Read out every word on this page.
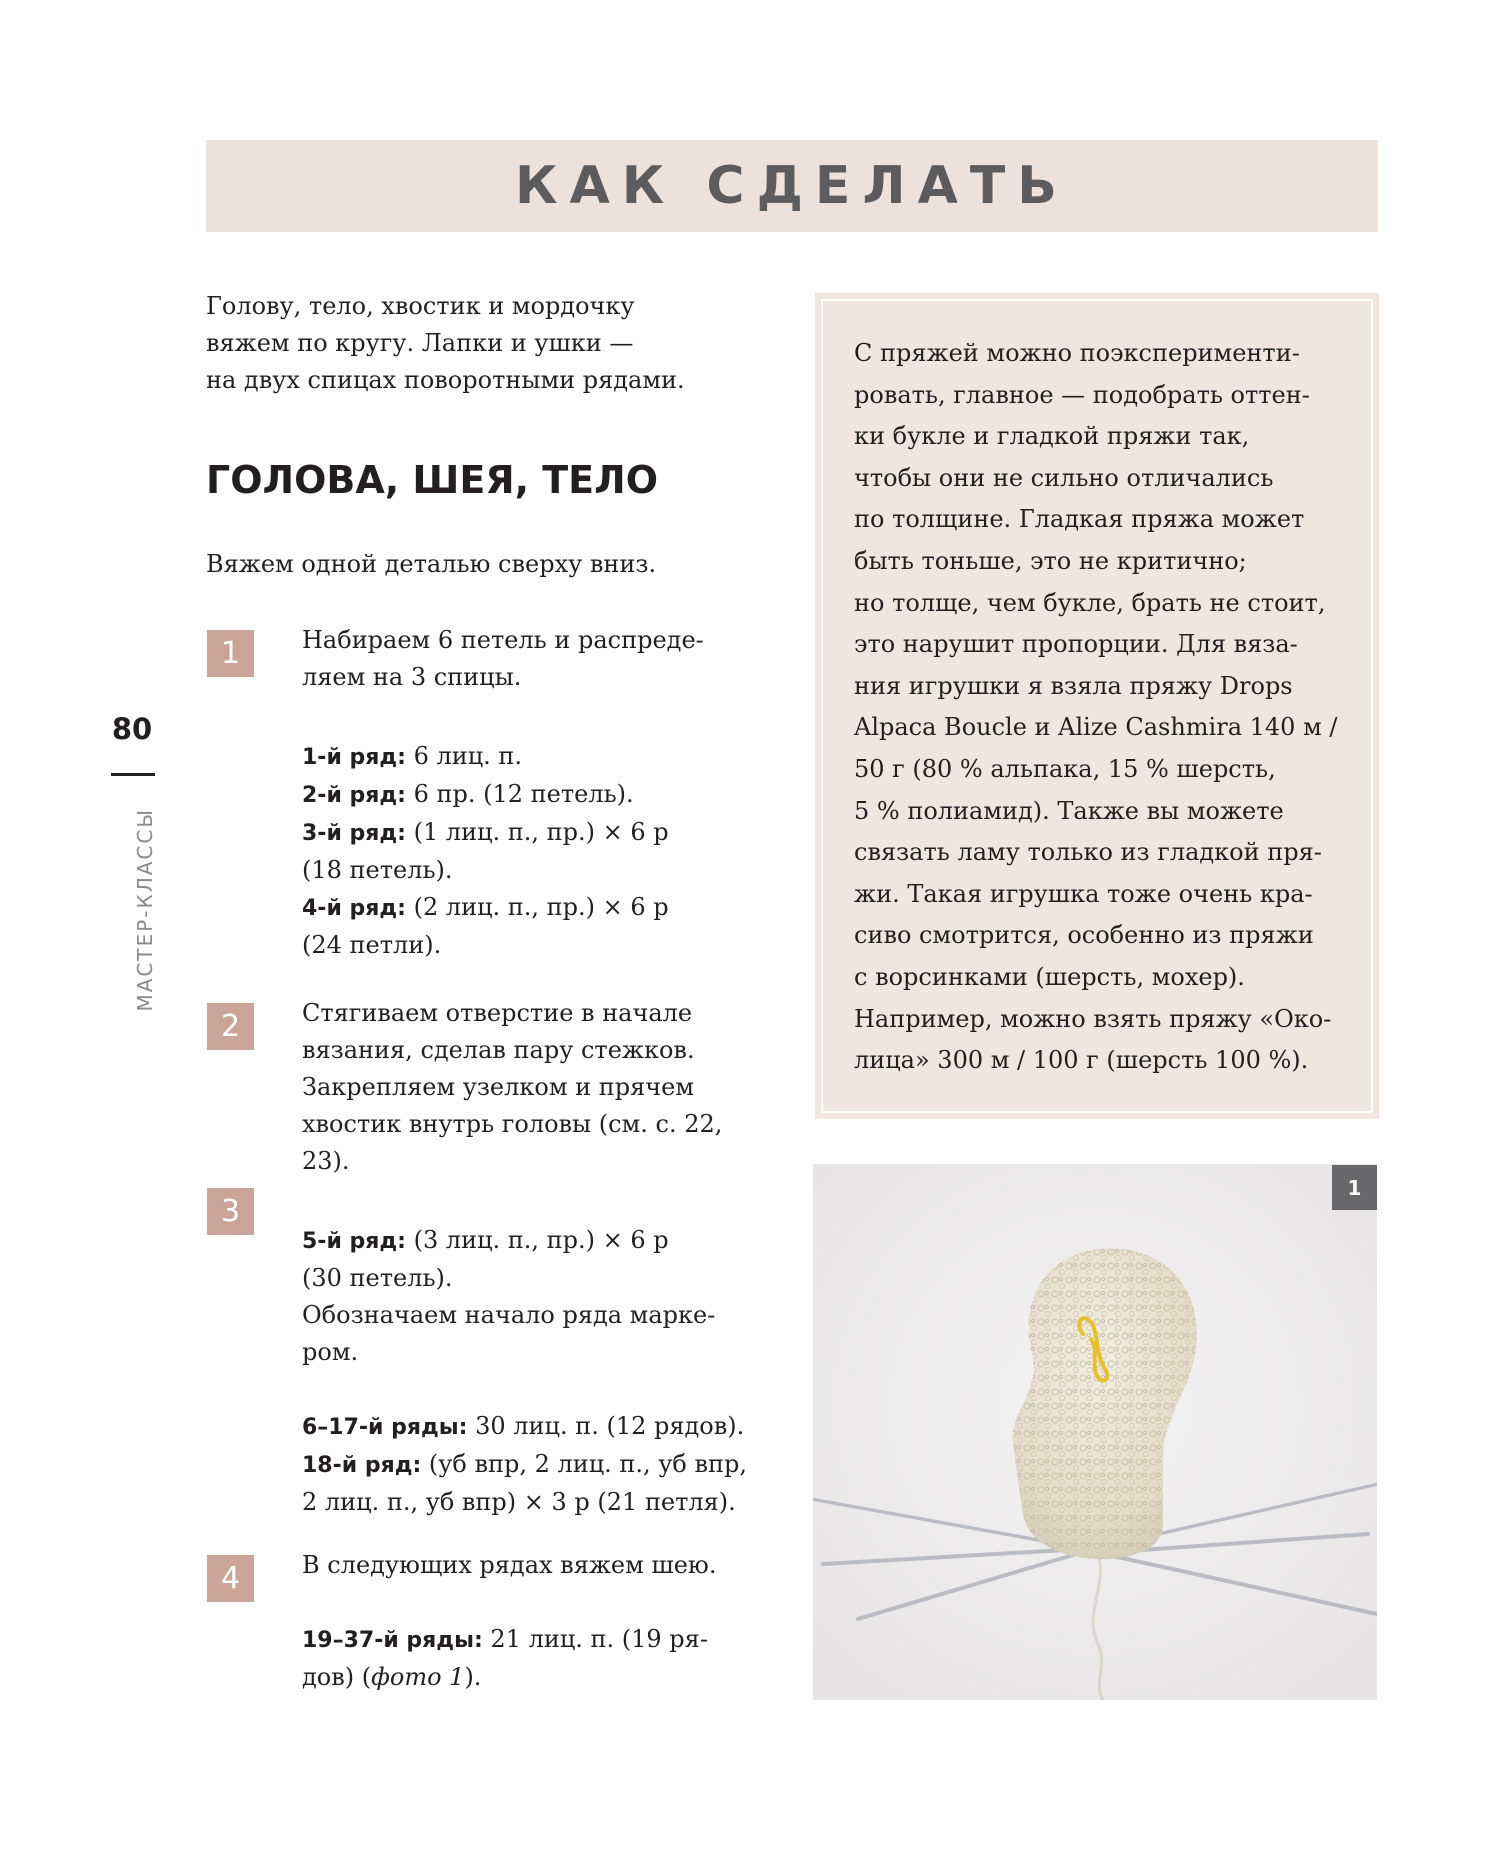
КАК СДЕЛАТЬ
80
МАСТЕР-КЛАССЫ
Голову, тело, хвостик и мордочку
вяжем по кругу. Лапки и ушки —
на двух спицах поворотными рядами.
ГОЛОВА, ШЕЯ, ТЕЛО
Вяжем одной деталью сверху вниз.
1	Набираем 6 петель и распреде-

ляем на 3 спицы.

1-й ряд: 6 лиц. п.

2-й ряд: 6 пр. (12 петель).

3-й ряд: (1 лиц. п., пр.) × 6 р

(18 петель).

4-й ряд: (2 лиц. п., пр.) × 6 р

(24 петли).

2	Стягиваем отверстие в начале

вязания, сделав пару стежков.

Закрепляем узелком и прячем

хвостик внутрь головы (см. с. 22,

23).

3

5-й ряд: (3 лиц. п., пр.) × 6 р

(30 петель).

Обозначаем начало ряда марке-

ром.

6–17-й ряды: 30 лиц. п. (12 рядов).

18-й ряд: (уб впр, 2 лиц. п., уб впр,

2 лиц. п., уб впр) × 3 р (21 петля).

4	В следующих рядах вяжем шею.

19–37-й ряды: 21 лиц. п. (19 ря-

дов) (фото 1).

С пряжей можно поэксперименти-
ровать, главное — подобрать оттен-
ки букле и гладкой пряжи так,
чтобы они не сильно отличались
по толщине. Гладкая пряжа может
быть тоньше, это не критично;
но толще, чем букле, брать не стоит,
это нарушит пропорции. Для вяза-
ния игрушки я взяла пряжу Drops
Alpaca Boucle и Alize Cashmira 140 м /
50 г (80 % альпака, 15 % шерсть,
5 % полиамид). Также вы можете
связать ламу только из гладкой пря-
жи. Такая игрушка тоже очень кра-
сиво смотрится, особенно из пряжи
с ворсинками (шерсть, мохер).
Например, можно взять пряжу «Око-
лица» 300 м / 100 г (шерсть 100 %).
1
